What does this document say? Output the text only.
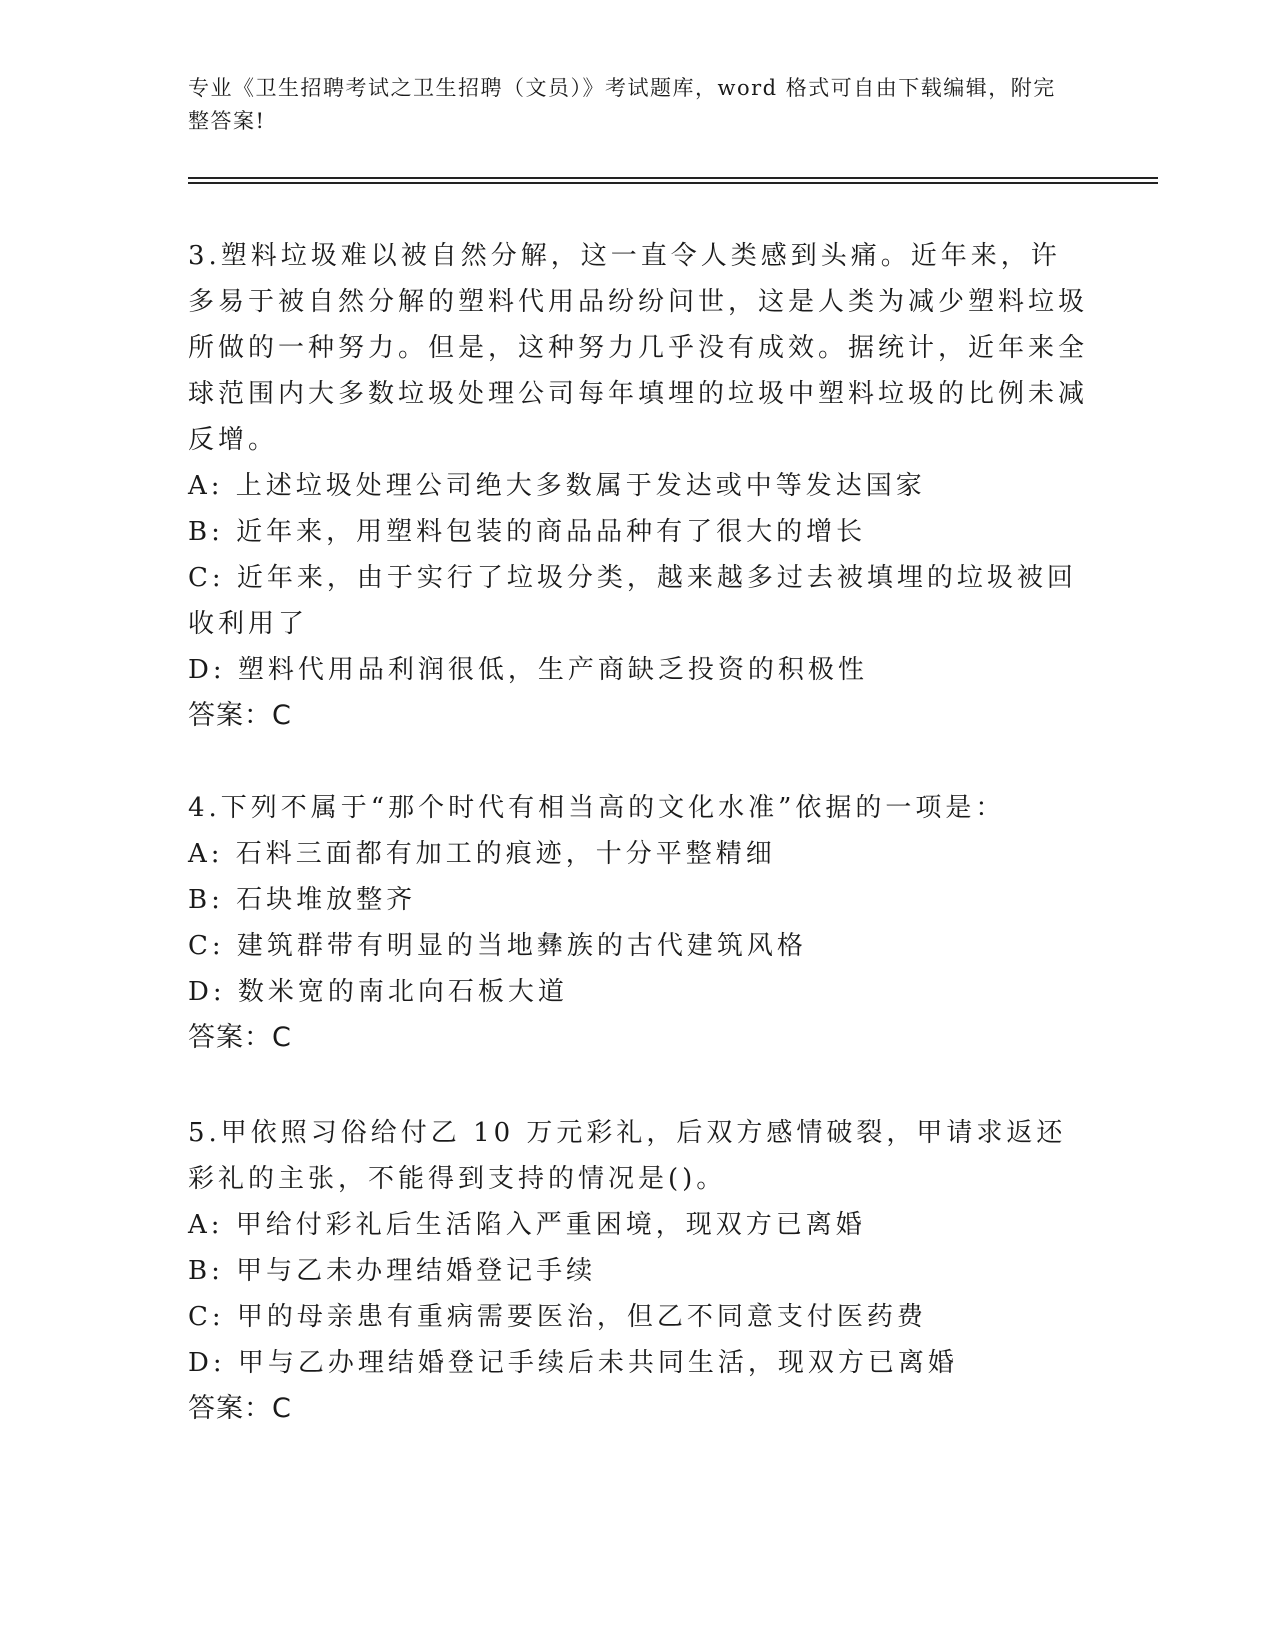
专业《卫生招聘考试之卫生招聘（文员）》考试题库，word 格式可自由下载编辑，附完整答案!

3.塑料垃圾难以被自然分解，这一直令人类感到头痛。近年来，许多易于被自然分解的塑料代用品纷纷问世，这是人类为减少塑料垃圾所做的一种努力。但是，这种努力几乎没有成效。据统计，近年来全球范围内大多数垃圾处理公司每年填埋的垃圾中塑料垃圾的比例未减反增。

A: 上述垃圾处理公司绝大多数属于发达或中等发达国家

B: 近年来，用塑料包装的商品品种有了很大的增长

C: 近年来，由于实行了垃圾分类，越来越多过去被填埋的垃圾被回收利用了

D: 塑料代用品利润很低，生产商缺乏投资的积极性

答案：C

4.下列不属于“那个时代有相当高的文化水准”依据的一项是：

A: 石料三面都有加工的痕迹，十分平整精细

B: 石块堆放整齐

C: 建筑群带有明显的当地彝族的古代建筑风格

D: 数米宽的南北向石板大道

答案：C

5.甲依照习俗给付乙 10 万元彩礼，后双方感情破裂，甲请求返还彩礼的主张，不能得到支持的情况是()。

A: 甲给付彩礼后生活陷入严重困境，现双方已离婚

B: 甲与乙未办理结婚登记手续

C: 甲的母亲患有重病需要医治，但乙不同意支付医药费

D: 甲与乙办理结婚登记手续后未共同生活，现双方已离婚

答案：C
